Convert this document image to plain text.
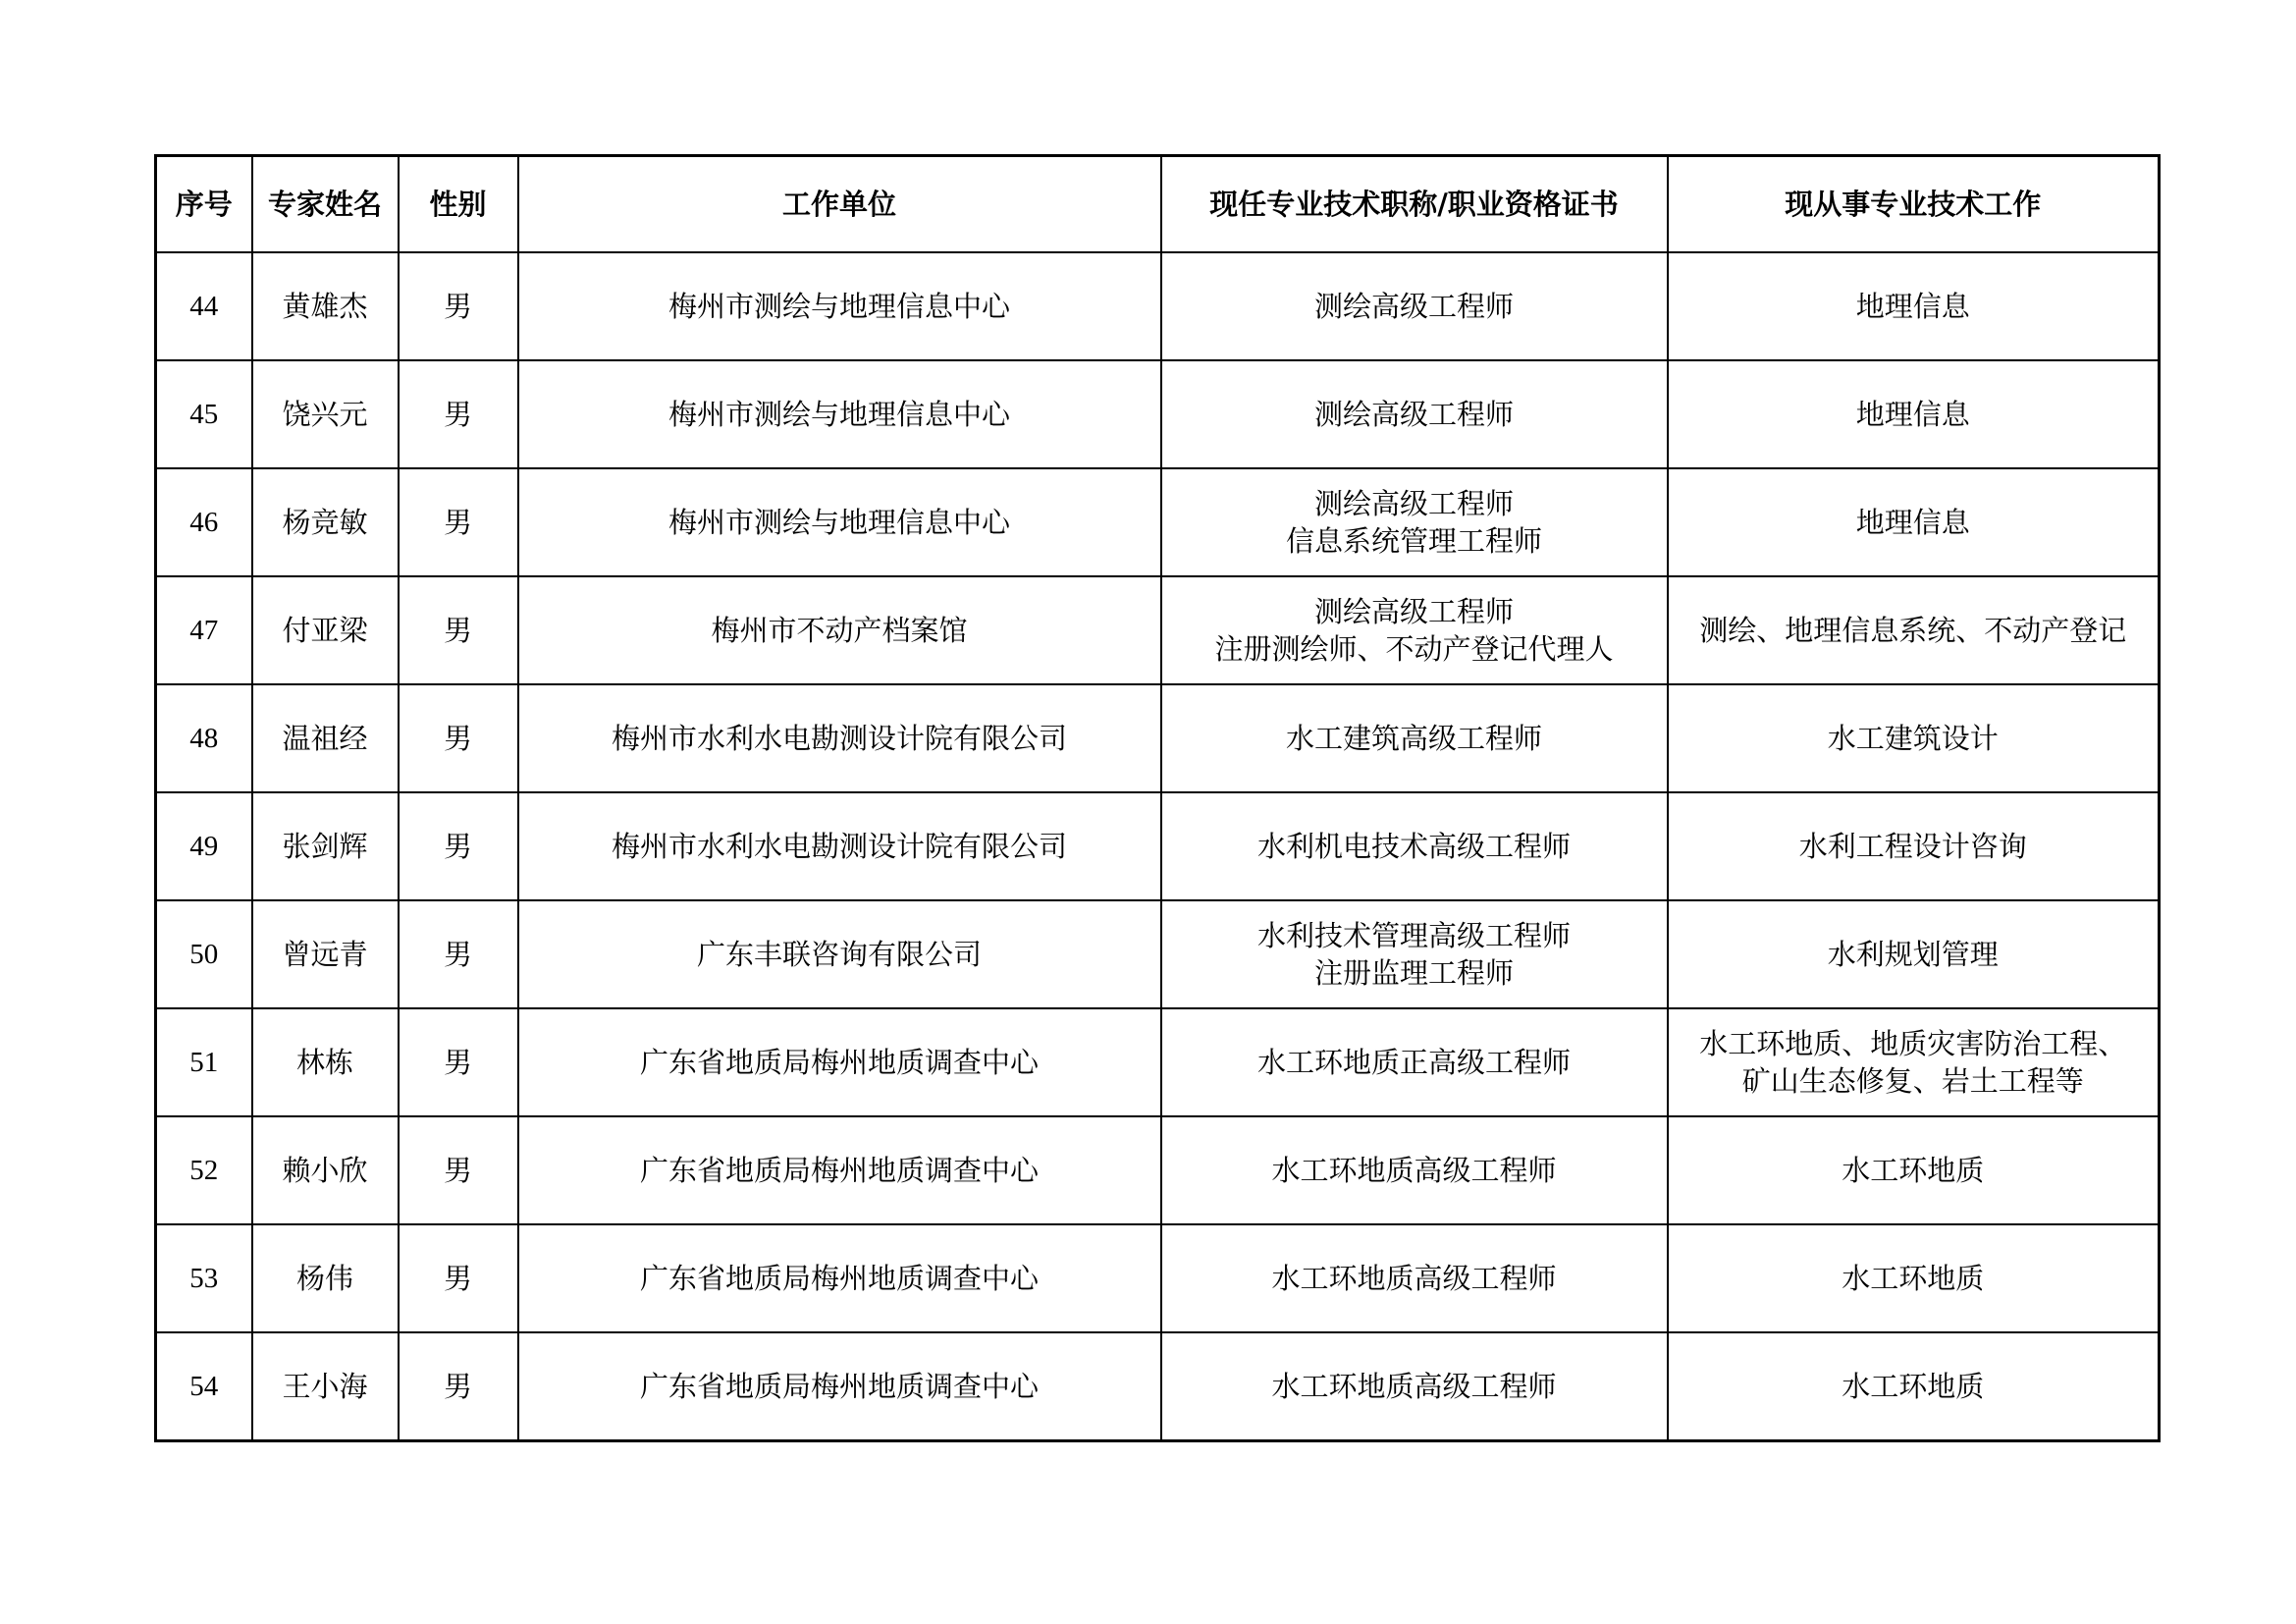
序号	专家姓名	性别	工作单位	现任专业技术职称/职业资格证书	现从事专业技术工作
44	黄雄杰	男	梅州市测绘与地理信息中心	测绘高级工程师	地理信息

45	饶兴元	男	梅州市测绘与地理信息中心	测绘高级工程师	地理信息

46	杨竞敏	男	梅州市测绘与地理信息中心	测绘高级工程师
信息系统管理工程师	地理信息

47	付亚梁	男	梅州市不动产档案馆	测绘高级工程师
注册测绘师、不动产登记代理人	测绘、地理信息系统、不动产登记

48	温祖经	男	梅州市水利水电勘测设计院有限公司	水工建筑高级工程师	水工建筑设计

49	张剑辉	男	梅州市水利水电勘测设计院有限公司	水利机电技术高级工程师	水利工程设计咨询

50	曾远青	男	广东丰联咨询有限公司	水利技术管理高级工程师
注册监理工程师	水利规划管理

51	林栋	男	广东省地质局梅州地质调查中心	水工环地质正高级工程师	水工环地质、地质灾害防治工程、
矿山生态修复、岩土工程等

52	赖小欣	男	广东省地质局梅州地质调查中心	水工环地质高级工程师	水工环地质

53	杨伟	男	广东省地质局梅州地质调查中心	水工环地质高级工程师	水工环地质

54	王小海	男	广东省地质局梅州地质调查中心	水工环地质高级工程师	水工环地质
